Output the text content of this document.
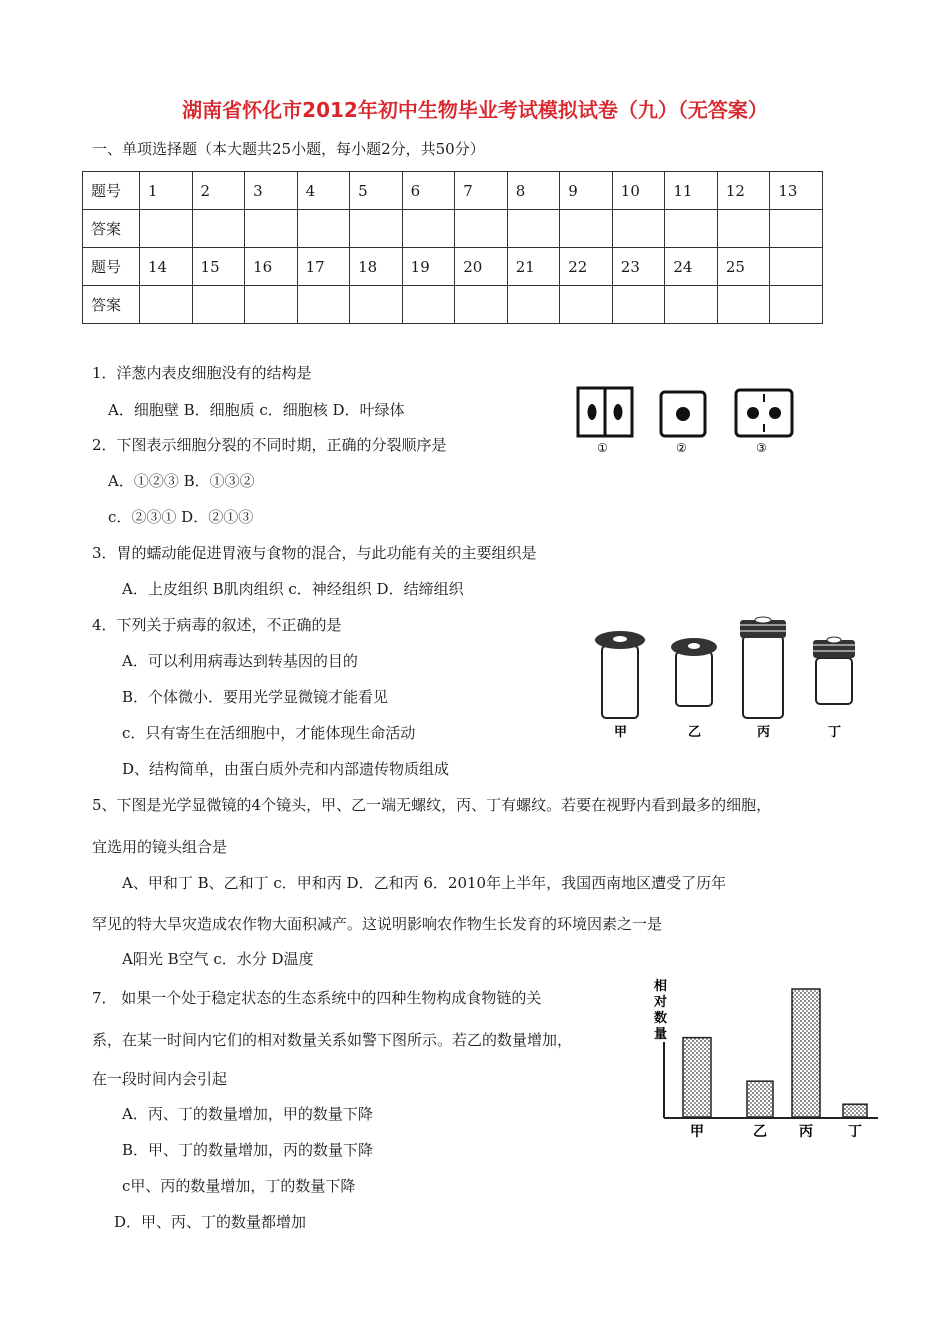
湖南省怀化市2012年初中生物毕业考试模拟试卷（九）（无答案）
一、单项选择题（本大题共25小题，每小题2分，共50分）
题号	1	2	3	4	5	6	7	8	9	10	11	12	13
答案													
题号	14	15	16	17	18	19	20	21	22	23	24	25	
答案													
1．洋葱内表皮细胞没有的结构是
A．细胞壁 B．细胞质 c．细胞核 D．叶绿体
2．下图表示细胞分裂的不同时期，正确的分裂顺序是
A．①②③ B．①③②
c．②③① D．②①③
3．胃的蠕动能促进胃液与食物的混合，与此功能有关的主要组织是
A．上皮组织 B肌肉组织 c．神经组织 D．结缔组织
4．下列关于病毒的叙述，不正确的是
A．可以利用病毒达到转基因的目的
B．个体微小．要用光学显微镜才能看见
c．只有寄生在活细胞中，才能体现生命活动
D、结构简单，由蛋白质外壳和内部遗传物质组成
5、下图是光学显微镜的4个镜头，甲、乙一端无螺纹，丙、丁有螺纹。若要在视野内看到最多的细胞，
宜选用的镜头组合是
A、甲和丁 B、乙和丁 c．甲和丙 D．乙和丙 6．2010年上半年，我国西南地区遭受了历年
罕见的特大旱灾造成农作物大面积减产。这说明影响农作物生长发育的环境因素之一是
A阳光 B空气 c．水分 D温度
7． 如果一个处于稳定状态的生态系统中的四种生物构成食物链的关
系，在某一时间内它们的相对数量关系如警下图所示。若乙的数量增加，
在一段时间内会引起
A．丙、丁的数量增加，甲的数量下降
B．甲、丁的数量增加，丙的数量下降
c甲、丙的数量增加，丁的数量下降
D．甲、丙、丁的数量都增加
①	②	③
甲	乙	丙	丁
相
对
数
量
甲	乙 丙	丁
